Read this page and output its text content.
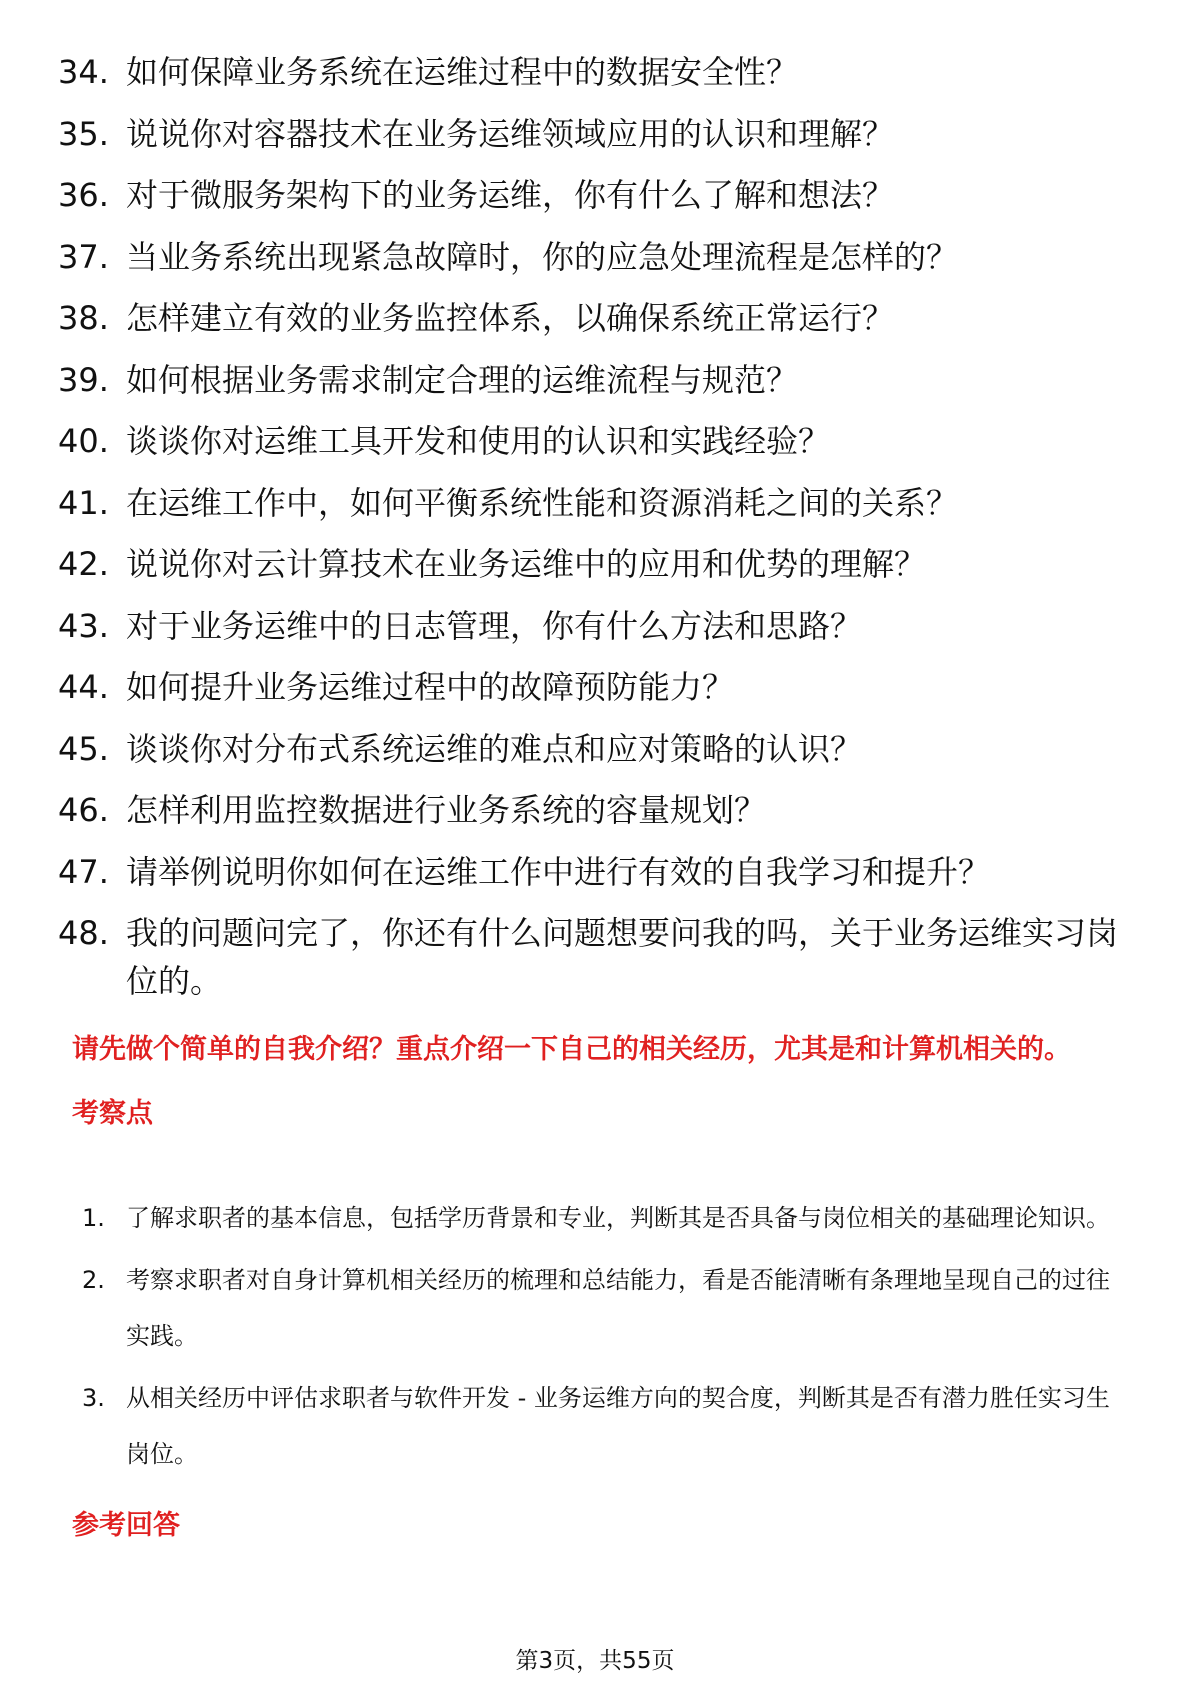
34. 如何保障业务系统在运维过程中的数据安全性？
35. 说说你对容器技术在业务运维领域应用的认识和理解？
36. 对于微服务架构下的业务运维，你有什么了解和想法？
37. 当业务系统出现紧急故障时，你的应急处理流程是怎样的？
38. 怎样建立有效的业务监控体系，以确保系统正常运行？
39. 如何根据业务需求制定合理的运维流程与规范？
40. 谈谈你对运维工具开发和使用的认识和实践经验？
41. 在运维工作中，如何平衡系统性能和资源消耗之间的关系？
42. 说说你对云计算技术在业务运维中的应用和优势的理解？
43. 对于业务运维中的日志管理，你有什么方法和思路？
44. 如何提升业务运维过程中的故障预防能力？
45. 谈谈你对分布式系统运维的难点和应对策略的认识？
46. 怎样利用监控数据进行业务系统的容量规划？
47. 请举例说明你如何在运维工作中进行有效的自我学习和提升？
48. 我的问题问完了，你还有什么问题想要问我的吗，关于业务运维实习岗位的。
请先做个简单的自我介绍？重点介绍一下自己的相关经历，尤其是和计算机相关的。
考察点
1. 了解求职者的基本信息，包括学历背景和专业，判断其是否具备与岗位相关的基础理论知识。
2. 考察求职者对自身计算机相关经历的梳理和总结能力，看是否能清晰有条理地呈现自己的过往实践。
3. 从相关经历中评估求职者与软件开发 - 业务运维方向的契合度，判断其是否有潜力胜任实习生岗位。
参考回答
第3页，共55页
